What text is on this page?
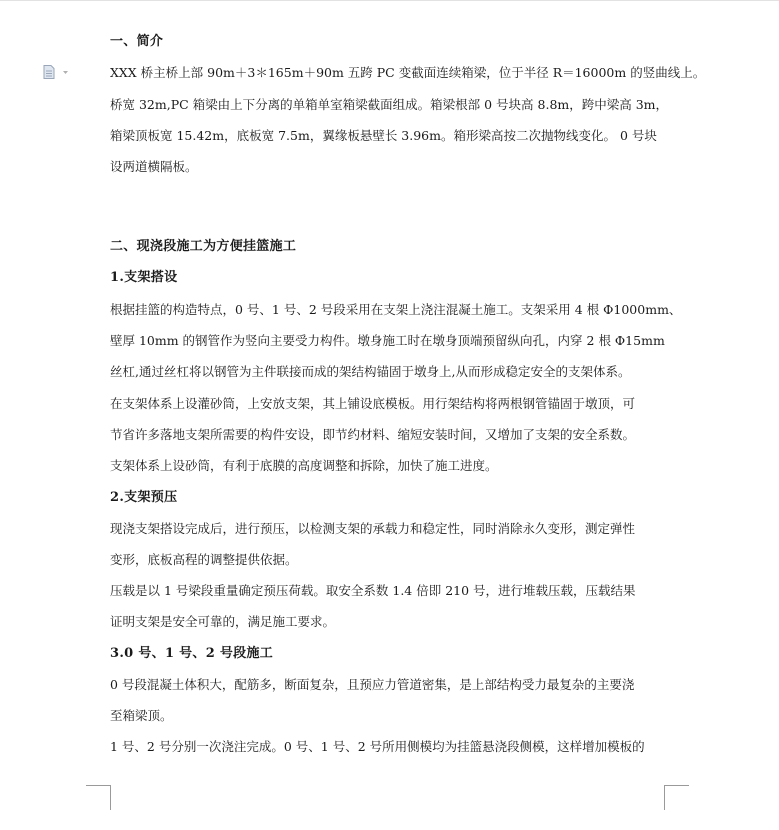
一、简介
XXX 桥主桥上部 90m＋3＊165m＋90m 五跨 PC 变截面连续箱梁，位于半径 R＝16000m 的竖曲线上。
桥宽 32m,PC 箱梁由上下分离的单箱单室箱梁截面组成。箱梁根部 0 号块高 8.8m，跨中梁高 3m，
箱梁顶板宽 15.42m，底板宽 7.5m，翼缘板悬壁长 3.96m。箱形梁高按二次抛物线变化。 0 号块
设两道横隔板。
二、现浇段施工为方便挂篮施工
1.支架搭设
根据挂篮的构造特点，0 号、1 号、2 号段采用在支架上浇注混凝土施工。支架采用 4 根 Φ1000mm、
壁厚 10mm 的钢管作为竖向主要受力构件。墩身施工时在墩身顶端预留纵向孔，内穿 2 根 Φ15mm
丝杠,通过丝杠将以钢管为主件联接而成的架结构锚固于墩身上,从而形成稳定安全的支架体系。
在支架体系上设灌砂筒，上安放支架，其上铺设底模板。用行架结构将两根钢管锚固于墩顶，可
节省许多落地支架所需要的构件安设，即节约材料、缩短安装时间，又增加了支架的安全系数。
支架体系上设砂筒，有利于底膜的高度调整和拆除，加快了施工进度。
2.支架预压
现浇支架搭设完成后，进行预压，以检测支架的承载力和稳定性，同时消除永久变形，测定弹性
变形，底板高程的调整提供依据。
压载是以 1 号梁段重量确定预压荷载。取安全系数 1.4 倍即 210 号，进行堆载压载，压载结果
证明支架是安全可靠的，满足施工要求。
3.0 号、1 号、2 号段施工
0 号段混凝土体积大，配筋多，断面复杂，且预应力管道密集，是上部结构受力最复杂的主要浇
至箱梁顶。
1 号、2 号分别一次浇注完成。0 号、1 号、2 号所用侧模均为挂篮悬浇段侧模，这样增加模板的
